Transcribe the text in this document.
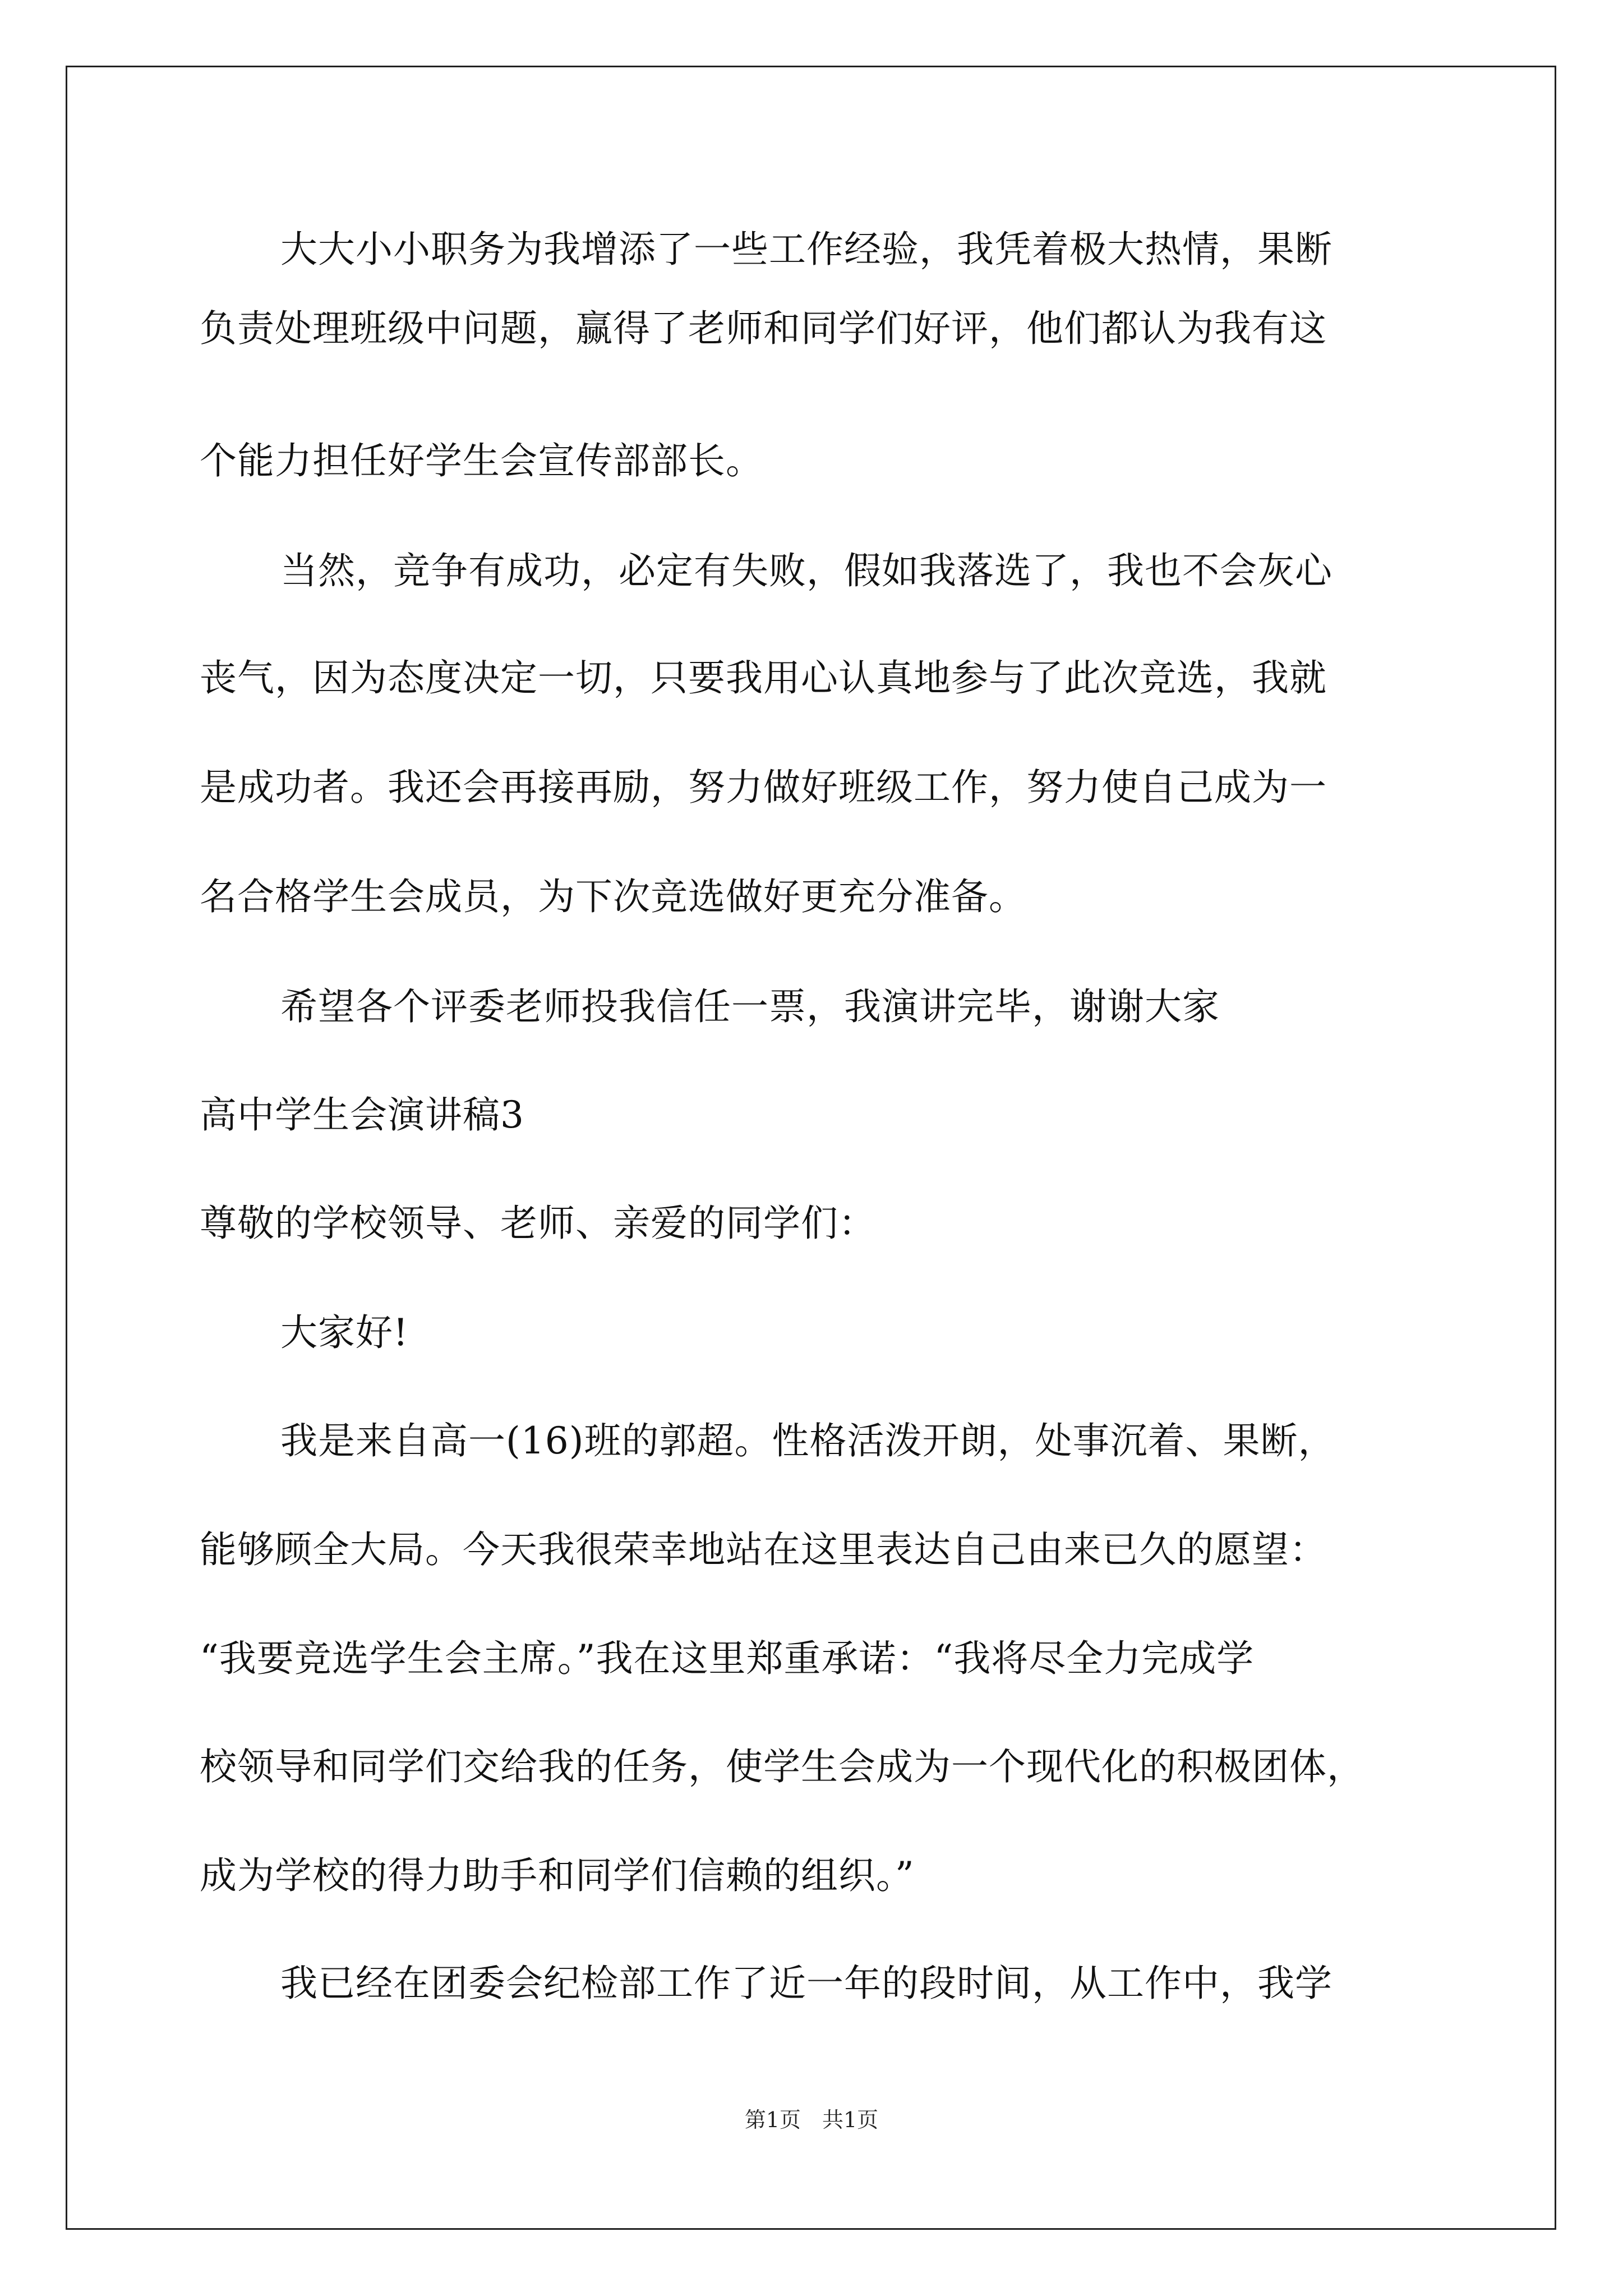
大大小小职务为我增添了一些工作经验，我凭着极大热情，果断
负责处理班级中问题，赢得了老师和同学们好评，他们都认为我有这
个能力担任好学生会宣传部部长。
当然，竞争有成功，必定有失败，假如我落选了，我也不会灰心
丧气，因为态度决定一切，只要我用心认真地参与了此次竞选，我就
是成功者。我还会再接再励，努力做好班级工作，努力使自己成为一
名合格学生会成员，为下次竞选做好更充分准备。
希望各个评委老师投我信任一票，我演讲完毕，谢谢大家
高中学生会演讲稿3
尊敬的学校领导、老师、亲爱的同学们：
大家好!
我是来自高一(16)班的郭超。性格活泼开朗，处事沉着、果断，
能够顾全大局。今天我很荣幸地站在这里表达自己由来已久的愿望：
“我要竞选学生会主席。”我在这里郑重承诺：“我将尽全力完成学
校领导和同学们交给我的任务，使学生会成为一个现代化的积极团体，
成为学校的得力助手和同学们信赖的组织。”
我已经在团委会纪检部工作了近一年的段时间，从工作中，我学
第1页　共1页
